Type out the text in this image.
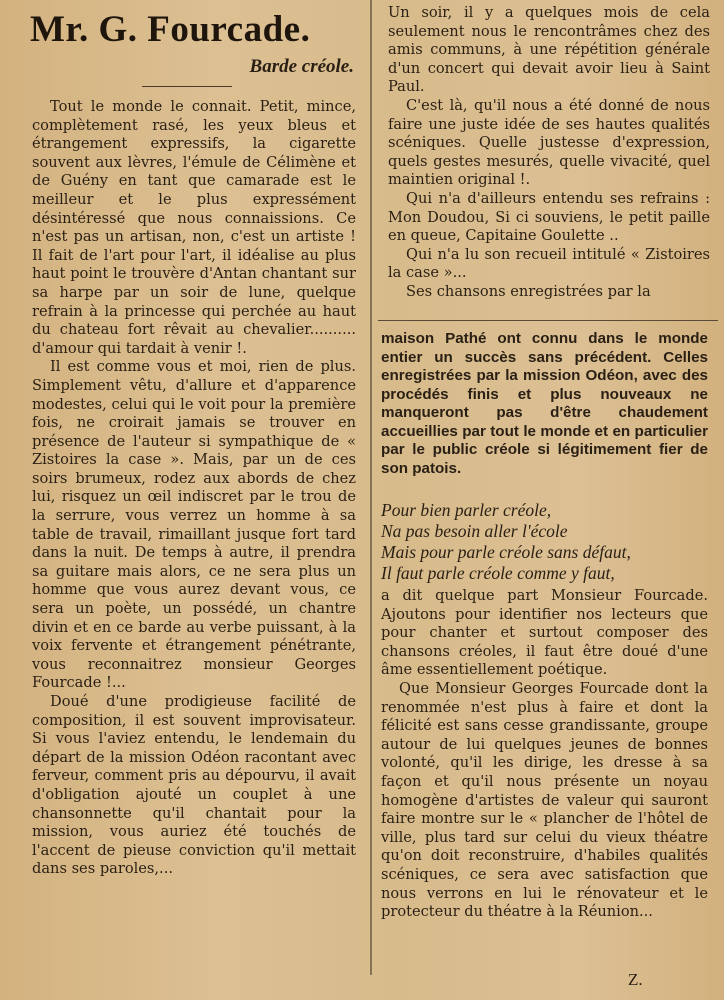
Mr. G. Fourcade.
Barde créole.

Tout le monde le connait. Petit, mince, complètement rasé, les yeux bleus et étrangement expressifs, la cigarette souvent aux lèvres, l'émule de Célimène et de Guény en tant que camarade est le meilleur et le plus expressément désintéressé que nous connaissions. Ce n'est pas un artisan, non, c'est un artiste ! Il fait de l'art pour l'art, il idéalise au plus haut point le trouvère d'Antan chantant sur sa harpe par un soir de lune, quelque refrain à la princesse qui perchée au haut du chateau fort rêvait au chevalier.......... d'amour qui tardait à venir !.

Il est comme vous et moi, rien de plus. Simplement vêtu, d'allure et d'apparence modestes, celui qui le voit pour la première fois, ne croirait jamais se trouver en présence de l'auteur si sympathique de « Zistoires la case ». Mais, par un de ces soirs brumeux, rodez aux abords de chez lui, risquez un œil indiscret par le trou de la serrure, vous verrez un homme à sa table de travail, rimaillant jusque fort tard dans la nuit. De temps à autre, il prendra sa guitare mais alors, ce ne sera plus un homme que vous aurez devant vous, ce sera un poète, un possédé, un chantre divin et en ce barde au verbe puissant, à la voix fervente et étrangement pénétrante, vous reconnaitrez monsieur Georges Fourcade !...

Doué d'une prodigieuse facilité de composition, il est souvent improvisateur. Si vous l'aviez entendu, le lendemain du départ de la mission Odéon racontant avec ferveur, comment pris au dépourvu, il avait d'obligation ajouté un couplet à une chansonnette qu'il chantait pour la mission, vous auriez été touchés de l'accent de pieuse conviction qu'il mettait dans ses paroles,...

Un soir, il y a quelques mois de cela seulement nous le rencontrâmes chez des amis communs, à une répétition générale d'un concert qui devait avoir lieu à Saint Paul.

C'est là, qu'il nous a été donné de nous faire une juste idée de ses hautes qualités scéniques. Quelle justesse d'expression, quels gestes mesurés, quelle vivacité, quel maintien original !.

Qui n'a d'ailleurs entendu ses refrains : Mon Doudou, Si ci souviens, le petit paille en queue, Capitaine Goulette ..

Qui n'a lu son recueil intitulé « Zistoires la case »...

Ses chansons enregistrées par la

maison Pathé ont connu dans le monde entier un succès sans précédent. Celles enregistrées par la mission Odéon, avec des procédés finis et plus nouveaux ne manqueront pas d'être chaudement accueillies par tout le monde et en particulier par le public créole si légitimement fier de son patois.

Pour bien parler créole,
Na pas besoin aller l'école
Mais pour parle créole sans défaut,
Il faut parle créole comme y faut,

a dit quelque part Monsieur Fourcade. Ajoutons pour identifier nos lecteurs que pour chanter et surtout composer des chansons créoles, il faut être doué d'une âme essentiellement poétique.

Que Monsieur Georges Fourcade dont la renommée n'est plus à faire et dont la félicité est sans cesse grandissante, groupe autour de lui quelques jeunes de bonnes volonté, qu'il les dirige, les dresse à sa façon et qu'il nous présente un noyau homogène d'artistes de valeur qui sauront faire montre sur le « plancher de l'hôtel de ville, plus tard sur celui du vieux théatre qu'on doit reconstruire, d'habiles qualités scéniques, ce sera avec satisfaction que nous verrons en lui le rénovateur et le protecteur du théatre à la Réunion...

Z.
